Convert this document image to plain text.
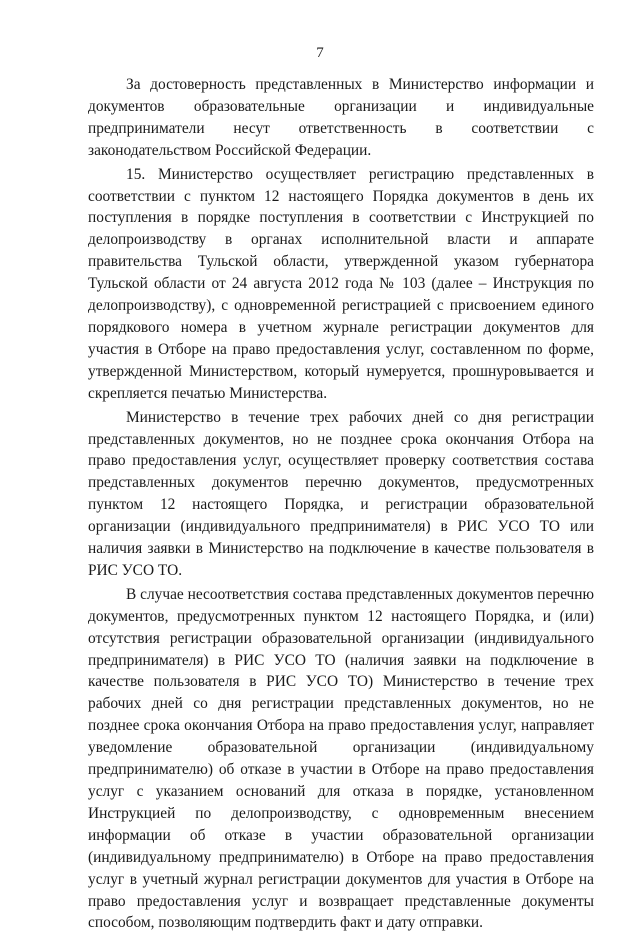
7

За достоверность представленных в Министерство информации и документов образовательные организации и индивидуальные предприниматели несут ответственность в соответствии с законодательством Российской Федерации.

15. Министерство осуществляет регистрацию представленных в соответствии с пунктом 12 настоящего Порядка документов в день их поступления в порядке поступления в соответствии с Инструкцией по делопроизводству в органах исполнительной власти и аппарате правительства Тульской области, утвержденной указом губернатора Тульской области от 24 августа 2012 года № 103 (далее – Инструкция по делопроизводству), с одновременной регистрацией с присвоением единого порядкового номера в учетном журнале регистрации документов для участия в Отборе на право предоставления услуг, составленном по форме, утвержденной Министерством, который нумеруется, прошнуровывается и скрепляется печатью Министерства.

Министерство в течение трех рабочих дней со дня регистрации представленных документов, но не позднее срока окончания Отбора на право предоставления услуг, осуществляет проверку соответствия состава представленных документов перечню документов, предусмотренных пунктом 12 настоящего Порядка, и регистрации образовательной организации (индивидуального предпринимателя) в РИС УСО ТО или наличия заявки в Министерство на подключение в качестве пользователя в РИС УСО ТО.

В случае несоответствия состава представленных документов перечню документов, предусмотренных пунктом 12 настоящего Порядка, и (или) отсутствия регистрации образовательной организации (индивидуального предпринимателя) в РИС УСО ТО (наличия заявки на подключение в качестве пользователя в РИС УСО ТО) Министерство в течение трех рабочих дней со дня регистрации представленных документов, но не позднее срока окончания Отбора на право предоставления услуг, направляет уведомление образовательной организации (индивидуальному предпринимателю) об отказе в участии в Отборе на право предоставления услуг с указанием оснований для отказа в порядке, установленном Инструкцией по делопроизводству, с одновременным внесением информации об отказе в участии образовательной организации (индивидуальному предпринимателю) в Отборе на право предоставления услуг в учетный журнал регистрации документов для участия в Отборе на право предоставления услуг и возвращает представленные документы способом, позволяющим подтвердить факт и дату отправки.
